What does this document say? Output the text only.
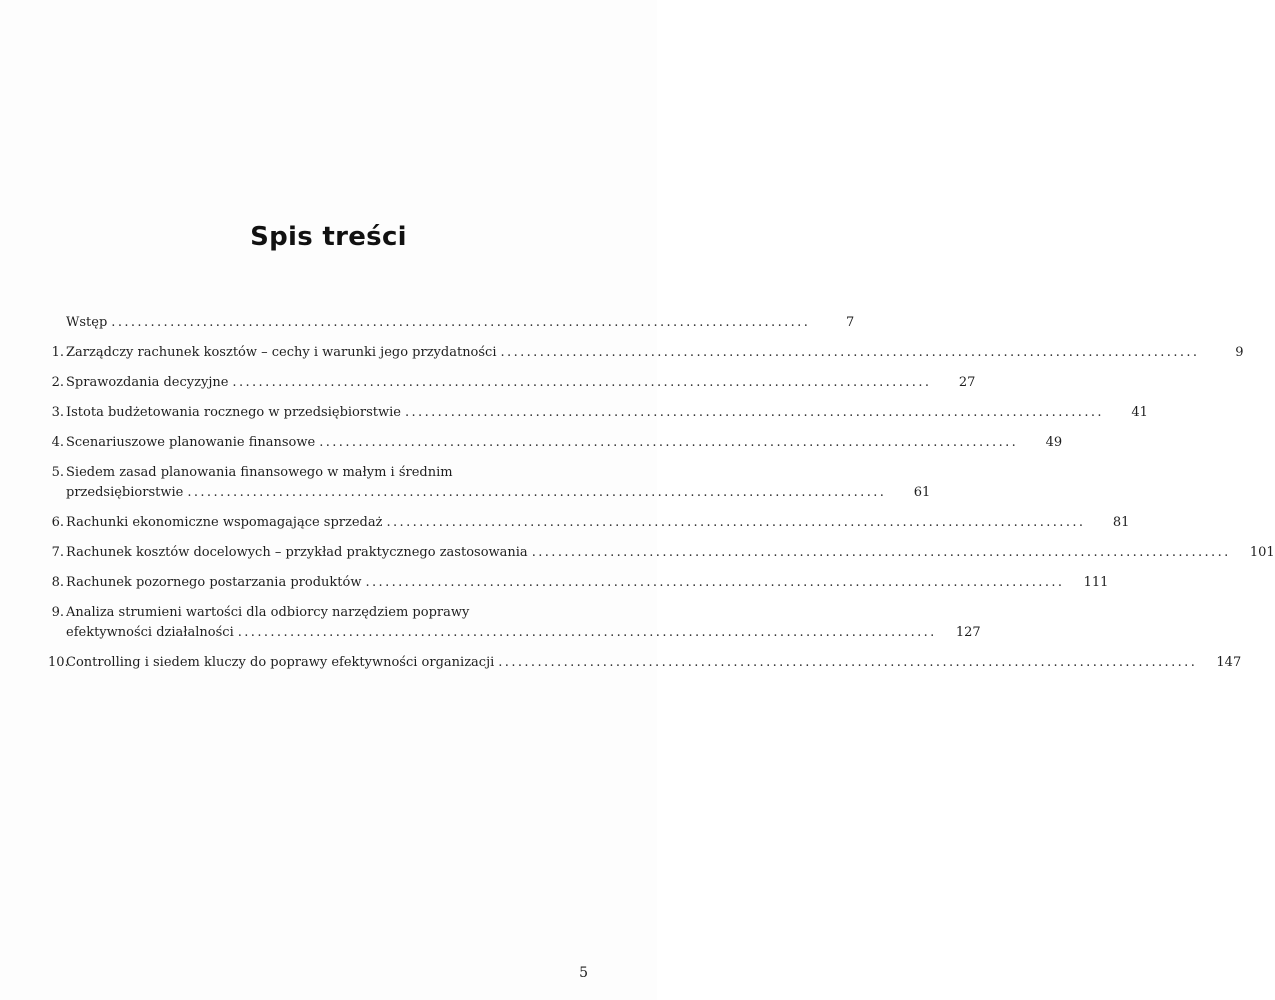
Spis treści
Wstęp ...........................................................................................................	7
1. Zarządczy rachunek kosztów – cechy i warunki jego przydatności ...........................................................................................................	9
2. Sprawozdania decyzyjne ...........................................................................................................	27
3. Istota budżetowania rocznego w przedsiębiorstwie ...........................................................................................................	41
4. Scenariuszowe planowanie finansowe ...........................................................................................................	49
5. Siedem zasad planowania finansowego w małym i średnim
przedsiębiorstwie ...........................................................................................................	61
6. Rachunki ekonomiczne wspomagające sprzedaż ...........................................................................................................	81
7. Rachunek kosztów docelowych – przykład praktycznego zastosowania ...........................................................................................................	101
8. Rachunek pozornego postarzania produktów ...........................................................................................................	111
9. Analiza strumieni wartości dla odbiorcy narzędziem poprawy
efektywności działalności ...........................................................................................................	127
10.
Controlling i siedem kluczy do poprawy efektywności organizacji ...........................................................................................................	147
5
